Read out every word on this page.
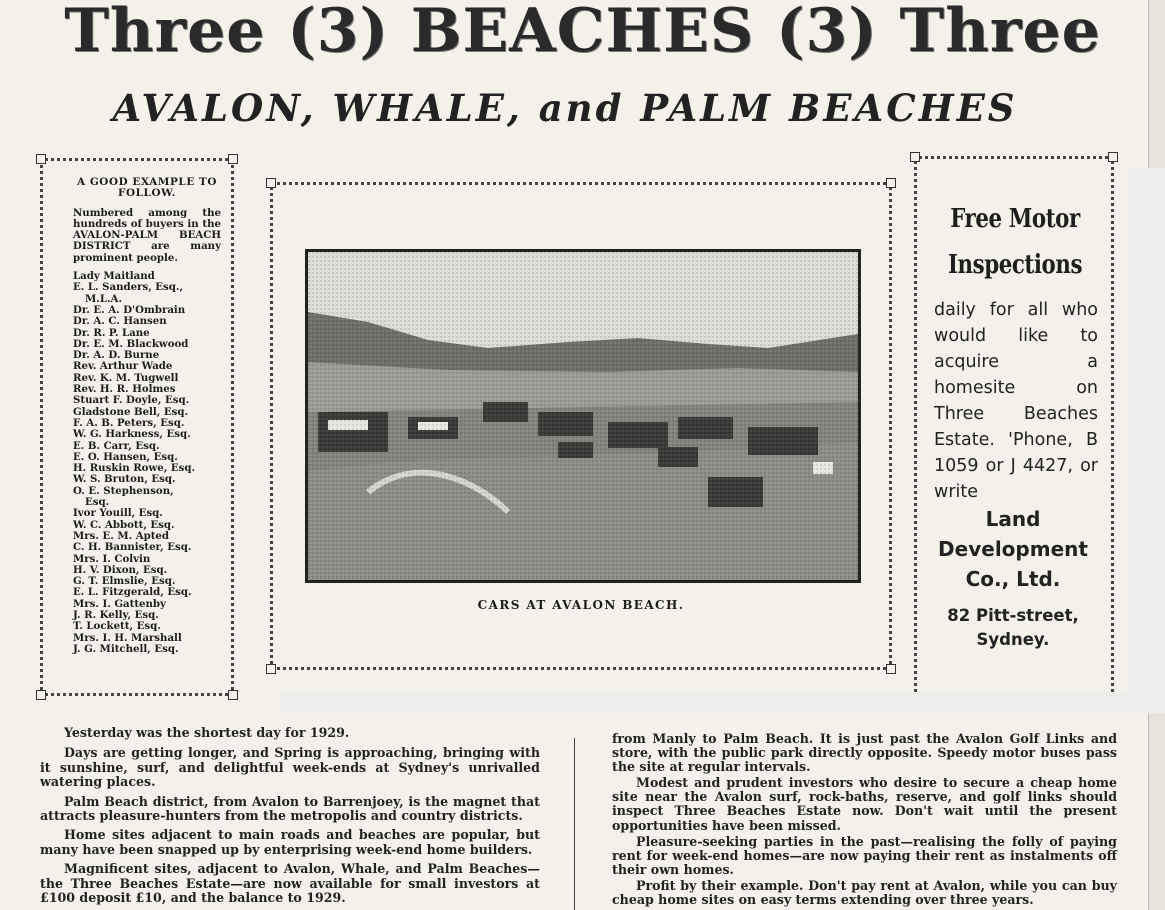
Three (3) BEACHES (3) Three
AVALON, WHALE, and PALM BEACHES
A GOOD EXAMPLE TO FOLLOW.
Numbered among the hundreds of buyers in the AVALON-PALM BEACH DISTRICT are many prominent people.
Lady Maitland
E. L. Sanders, Esq.,
M.L.A.
Dr. E. A. D'Ombrain
Dr. A. C. Hansen
Dr. R. P. Lane
Dr. E. M. Blackwood
Dr. A. D. Burne
Rev. Arthur Wade
Rev. K. M. Tugwell
Rev. H. R. Holmes
Stuart F. Doyle, Esq.
Gladstone Bell, Esq.
F. A. B. Peters, Esq.
W. G. Harkness, Esq.
E. B. Carr, Esq.
E. O. Hansen, Esq.
H. Ruskin Rowe, Esq.
W. S. Bruton, Esq.
O. E. Stephenson,
Esq.
Ivor Youill, Esq.
W. C. Abbott, Esq.
Mrs. E. M. Apted
C. H. Bannister, Esq.
Mrs. I. Colvin
H. V. Dixon, Esq.
G. T. Elmslie, Esq.
E. L. Fitzgerald, Esq.
Mrs. I. Gattenby
J. R. Kelly, Esq.
T. Lockett, Esq.
Mrs. I. H. Marshall
J. G. Mitchell, Esq.
CARS AT AVALON BEACH.
Free Motor
Inspections
daily for all who would like to acquire a homesite on Three Beaches Estate. 'Phone, B 1059 or J 4427, or write
Land
Development
Co., Ltd.
82 Pitt-street,
Sydney.

Yesterday was the shortest day for 1929.

Days are getting longer, and Spring is approaching, bringing with it sunshine, surf, and delightful week-ends at Sydney's unrivalled watering places.

Palm Beach district, from Avalon to Barrenjoey, is the magnet that attracts pleasure-hunters from the metropolis and country districts.

Home sites adjacent to main roads and beaches are popular, but many have been snapped up by enterprising week-end home builders.

Magnificent sites, adjacent to Avalon, Whale, and Palm Beaches—the Three Beaches Estate—are now available for small investors at £100 deposit £10, and the balance to 1929.

from Manly to Palm Beach. It is just past the Avalon Golf Links and store, with the public park directly opposite. Speedy motor buses pass the site at regular intervals.

Modest and prudent investors who desire to secure a cheap home site near the Avalon surf, rock-baths, reserve, and golf links should inspect Three Beaches Estate now. Don't wait until the present opportunities have been missed.

Pleasure-seeking parties in the past—realising the folly of paying rent for week-end homes—are now paying their rent as instalments off their own homes.

Profit by their example. Don't pay rent at Avalon, while you can buy cheap home sites on easy terms extending over three years.
